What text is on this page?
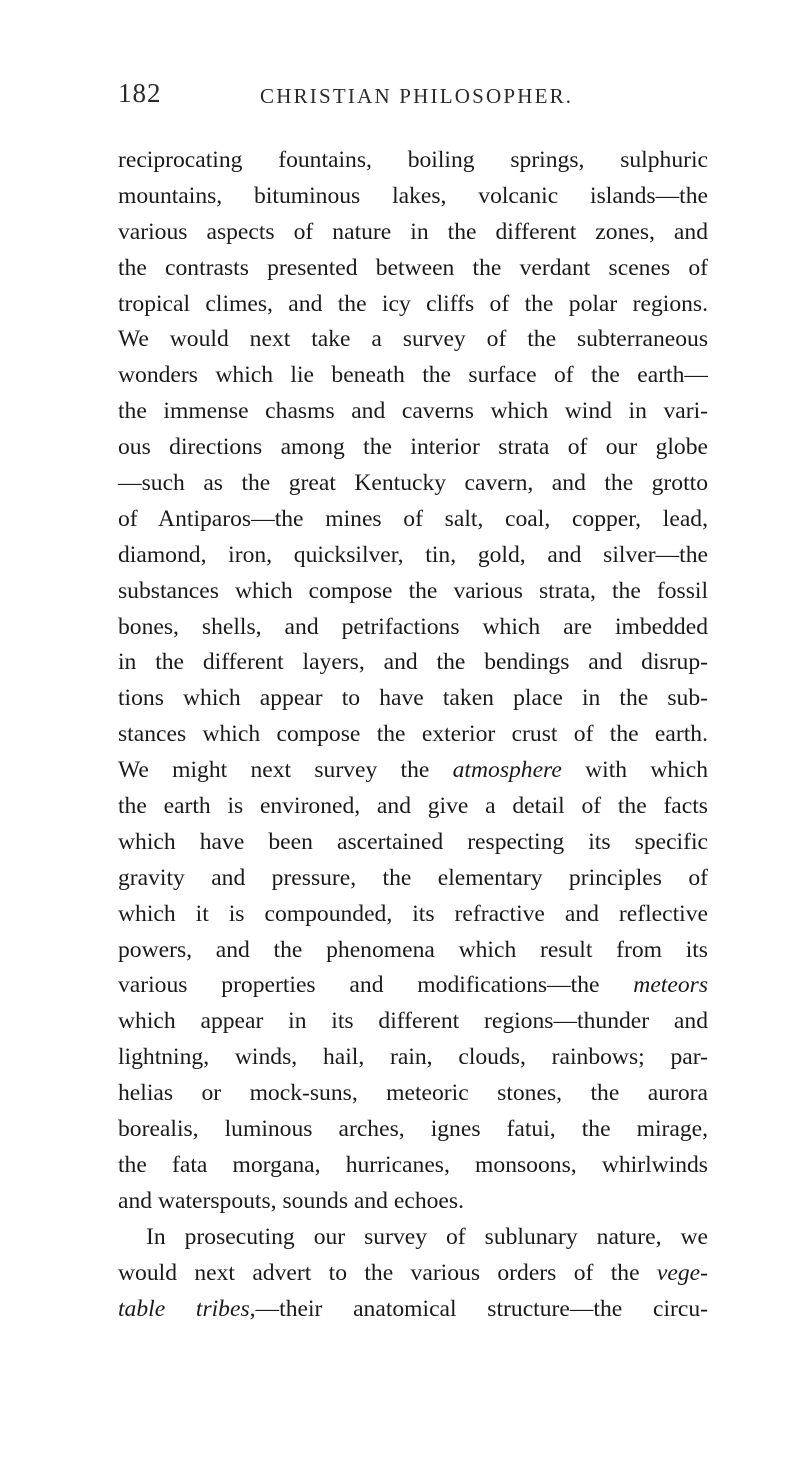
182	CHRISTIAN PHILOSOPHER.
reciprocating fountains, boiling springs, sulphuric
mountains, bituminous lakes, volcanic islands—the
various aspects of nature in the different zones, and
the contrasts presented between the verdant scenes of
tropical climes, and the icy cliffs of the polar regions.
We would next take a survey of the subterraneous
wonders which lie beneath the surface of the earth—
the immense chasms and caverns which wind in vari-
ous directions among the interior strata of our globe
—such as the great Kentucky cavern, and the grotto
of Antiparos—the mines of salt, coal, copper, lead,
diamond, iron, quicksilver, tin, gold, and silver—the
substances which compose the various strata, the fossil
bones, shells, and petrifactions which are imbedded
in the different layers, and the bendings and disrup-
tions which appear to have taken place in the sub-
stances which compose the exterior crust of the earth.
We might next survey the atmosphere with which
the earth is environed, and give a detail of the facts
which have been ascertained respecting its specific
gravity and pressure, the elementary principles of
which it is compounded, its refractive and reflective
powers, and the phenomena which result from its
various properties and modifications—the meteors
which appear in its different regions—thunder and
lightning, winds, hail, rain, clouds, rainbows; par-
helias or mock-suns, meteoric stones, the aurora
borealis, luminous arches, ignes fatui, the mirage,
the fata morgana, hurricanes, monsoons, whirlwinds
and waterspouts, sounds and echoes.
In prosecuting our survey of sublunary nature, we
would next advert to the various orders of the vege-
table tribes,—their anatomical structure—the circu-
